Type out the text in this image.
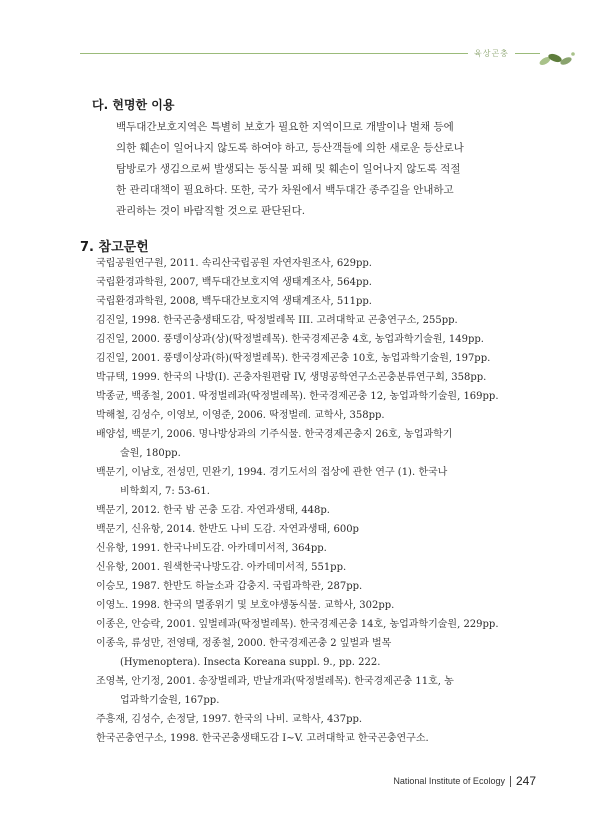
육상곤충
다. 현명한 이용
백두대간보호지역은 특별히 보호가 필요한 지역이므로 개발이나 벌채 등에
의한 훼손이 일어나지 않도록 하여야 하고, 등산객들에 의한 새로운 등산로나
탐방로가 생김으로써 발생되는 동식물 피해 및 훼손이 일어나지 않도록 적절
한 관리대책이 필요하다. 또한, 국가 차원에서 백두대간 종주길을 안내하고
관리하는 것이 바람직할 것으로 판단된다.
7. 참고문헌
국립공원연구원, 2011. 속리산국립공원 자연자원조사, 629pp.
국립환경과학원, 2007, 백두대간보호지역 생태계조사, 564pp.
국립환경과학원, 2008, 백두대간보호지역 생태계조사, 511pp.
김진일, 1998. 한국곤충생태도감, 딱정벌레목 III. 고려대학교 곤충연구소, 255pp.
김진일, 2000. 풍뎅이상과(상)(딱정벌레목). 한국경제곤충 4호, 농업과학기술원, 149pp.
김진일, 2001. 풍뎅이상과(하)(딱정벌레목). 한국경제곤충 10호, 농업과학기술원, 197pp.
박규택, 1999. 한국의 나방(I). 곤충자원편람 IV, 생명공학연구소곤충분류연구회, 358pp.
박종균, 백종철, 2001. 딱정벌레과(딱정벌레목). 한국경제곤충 12, 농업과학기술원, 169pp.
박해철, 김성수, 이영보, 이영준, 2006. 딱정벌레. 교학사, 358pp.
배양섭, 백문기, 2006. 명나방상과의 기주식물. 한국경제곤충지 26호, 농업과학기
술원, 180pp.
백문기, 이남호, 전성민, 민완기, 1994. 경기도서의 접상에 관한 연구 (1). 한국나
비학회지, 7: 53-61.
백문기, 2012. 한국 밤 곤충 도감. 자연과생태, 448p.
백문기, 신유항, 2014. 한반도 나비 도감. 자연과생태, 600p
신유항, 1991. 한국나비도감. 아카데미서적, 364pp.
신유항, 2001. 원색한국나방도감. 아카데미서적, 551pp.
이승모, 1987. 한반도 하늘소과 갑충지. 국립과학관, 287pp.
이영노. 1998. 한국의 멸종위기 및 보호야생동식물. 교학사, 302pp.
이종은, 안승락, 2001. 잎벌레과(딱정벌레목). 한국경제곤충 14호, 농업과학기술원, 229pp.
이종욱, 류성만, 전영태, 정종철, 2000. 한국경제곤충 2 잎벌과 벌목
(Hymenoptera). Insecta Koreana suppl. 9., pp. 222.
조영복, 안기정, 2001. 송장벌레과, 반날개과(딱정벌레목). 한국경제곤충 11호, 농
업과학기술원, 167pp.
주흥재, 김성수, 손정달, 1997. 한국의 나비. 교학사, 437pp.
한국곤충연구소, 1998. 한국곤충생태도감 I∼V. 고려대학교 한국곤충연구소.
National Institute of Ecology 247
